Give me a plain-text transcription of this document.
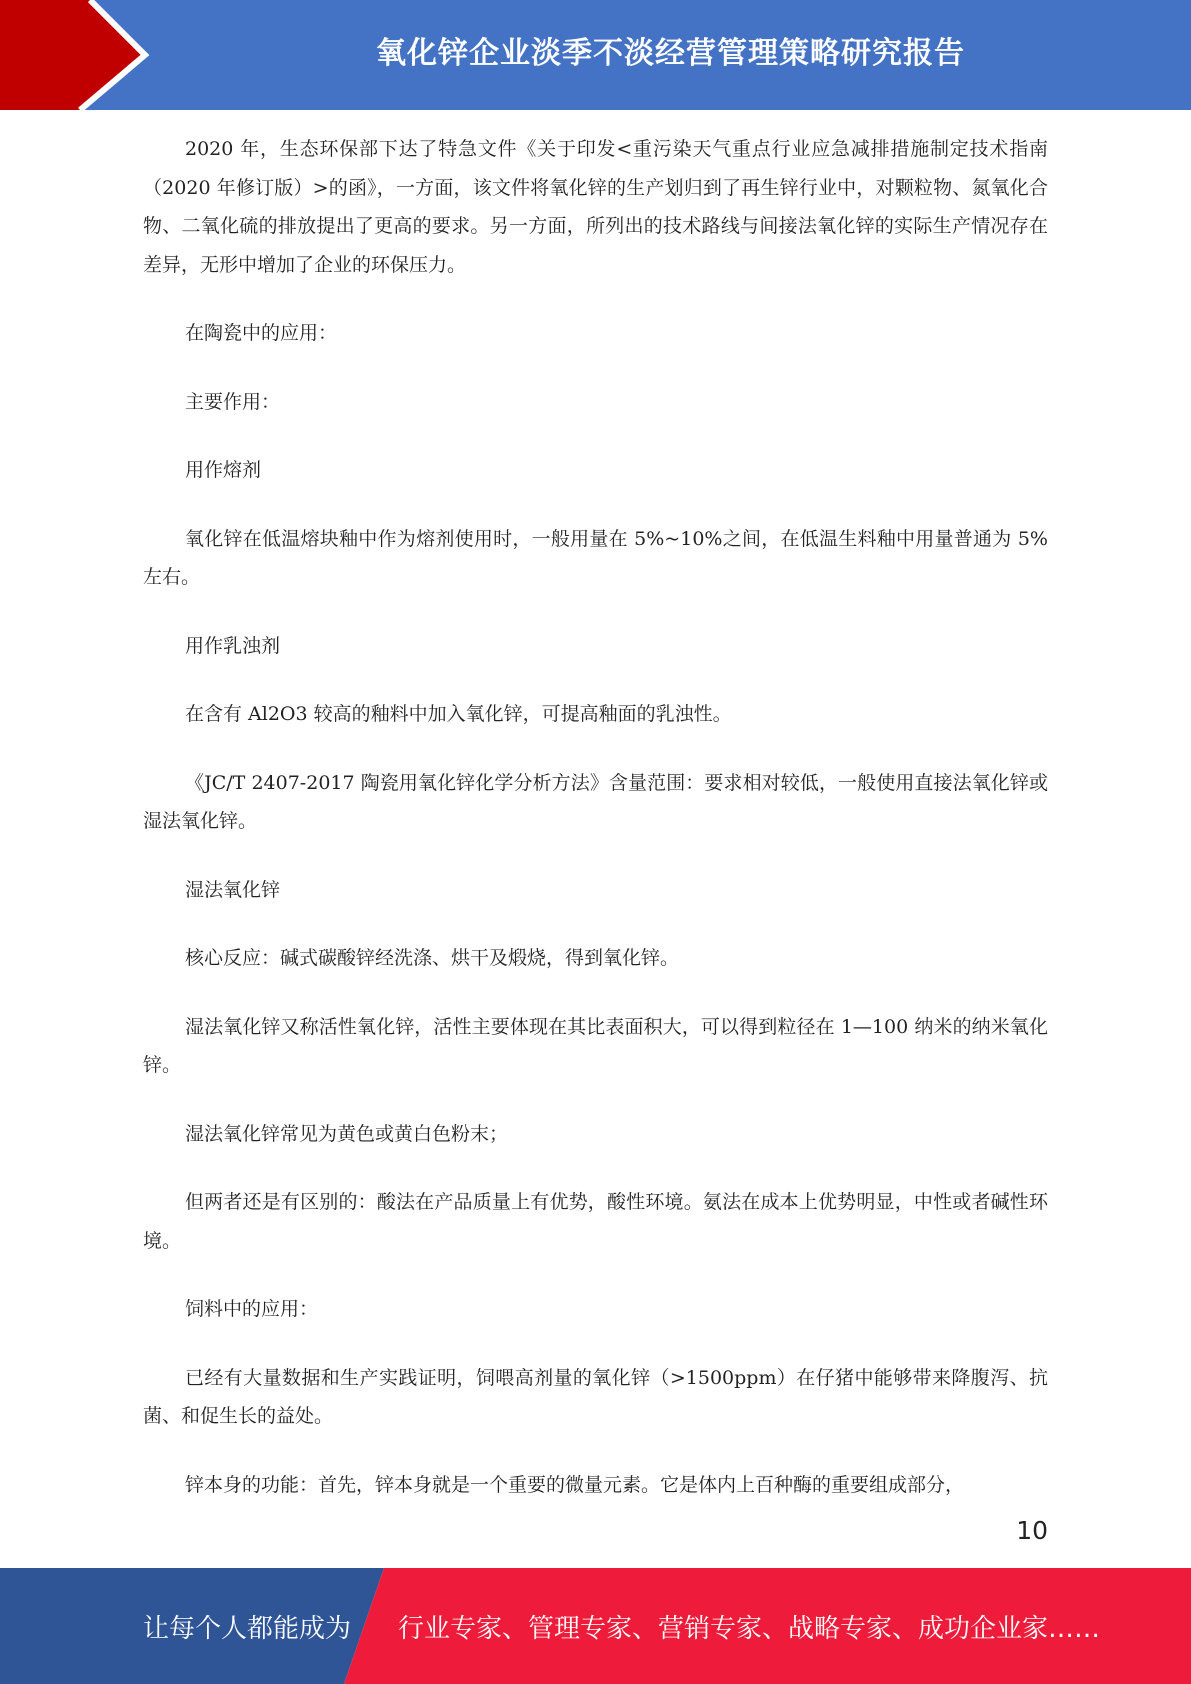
氧化锌企业淡季不淡经营管理策略研究报告

2020 年，生态环保部下达了特急文件《关于印发<重污染天气重点行业应急减排措施制定技术指南（2020 年修订版）>的函》，一方面，该文件将氧化锌的生产划归到了再生锌行业中，对颗粒物、氮氧化合物、二氧化硫的排放提出了更高的要求。另一方面，所列出的技术路线与间接法氧化锌的实际生产情况存在差异，无形中增加了企业的环保压力。

在陶瓷中的应用：

主要作用：

用作熔剂

氧化锌在低温熔块釉中作为熔剂使用时，一般用量在 5%~10%之间，在低温生料釉中用量普通为 5%左右。

用作乳浊剂

在含有 Al2O3 较高的釉料中加入氧化锌，可提高釉面的乳浊性。

《JC/T 2407-2017 陶瓷用氧化锌化学分析方法》含量范围：要求相对较低，一般使用直接法氧化锌或湿法氧化锌。

湿法氧化锌

核心反应：碱式碳酸锌经洗涤、烘干及煅烧，得到氧化锌。

湿法氧化锌又称活性氧化锌，活性主要体现在其比表面积大，可以得到粒径在 1—100 纳米的纳米氧化锌。

湿法氧化锌常见为黄色或黄白色粉末；

但两者还是有区别的：酸法在产品质量上有优势，酸性环境。氨法在成本上优势明显，中性或者碱性环境。

饲料中的应用：

已经有大量数据和生产实践证明，饲喂高剂量的氧化锌（>1500ppm）在仔猪中能够带来降腹泻、抗菌、和促生长的益处。

锌本身的功能：首先，锌本身就是一个重要的微量元素。它是体内上百种酶的重要组成部分，

10
让每个人都能成为 行业专家、管理专家、营销专家、战略专家、成功企业家……
